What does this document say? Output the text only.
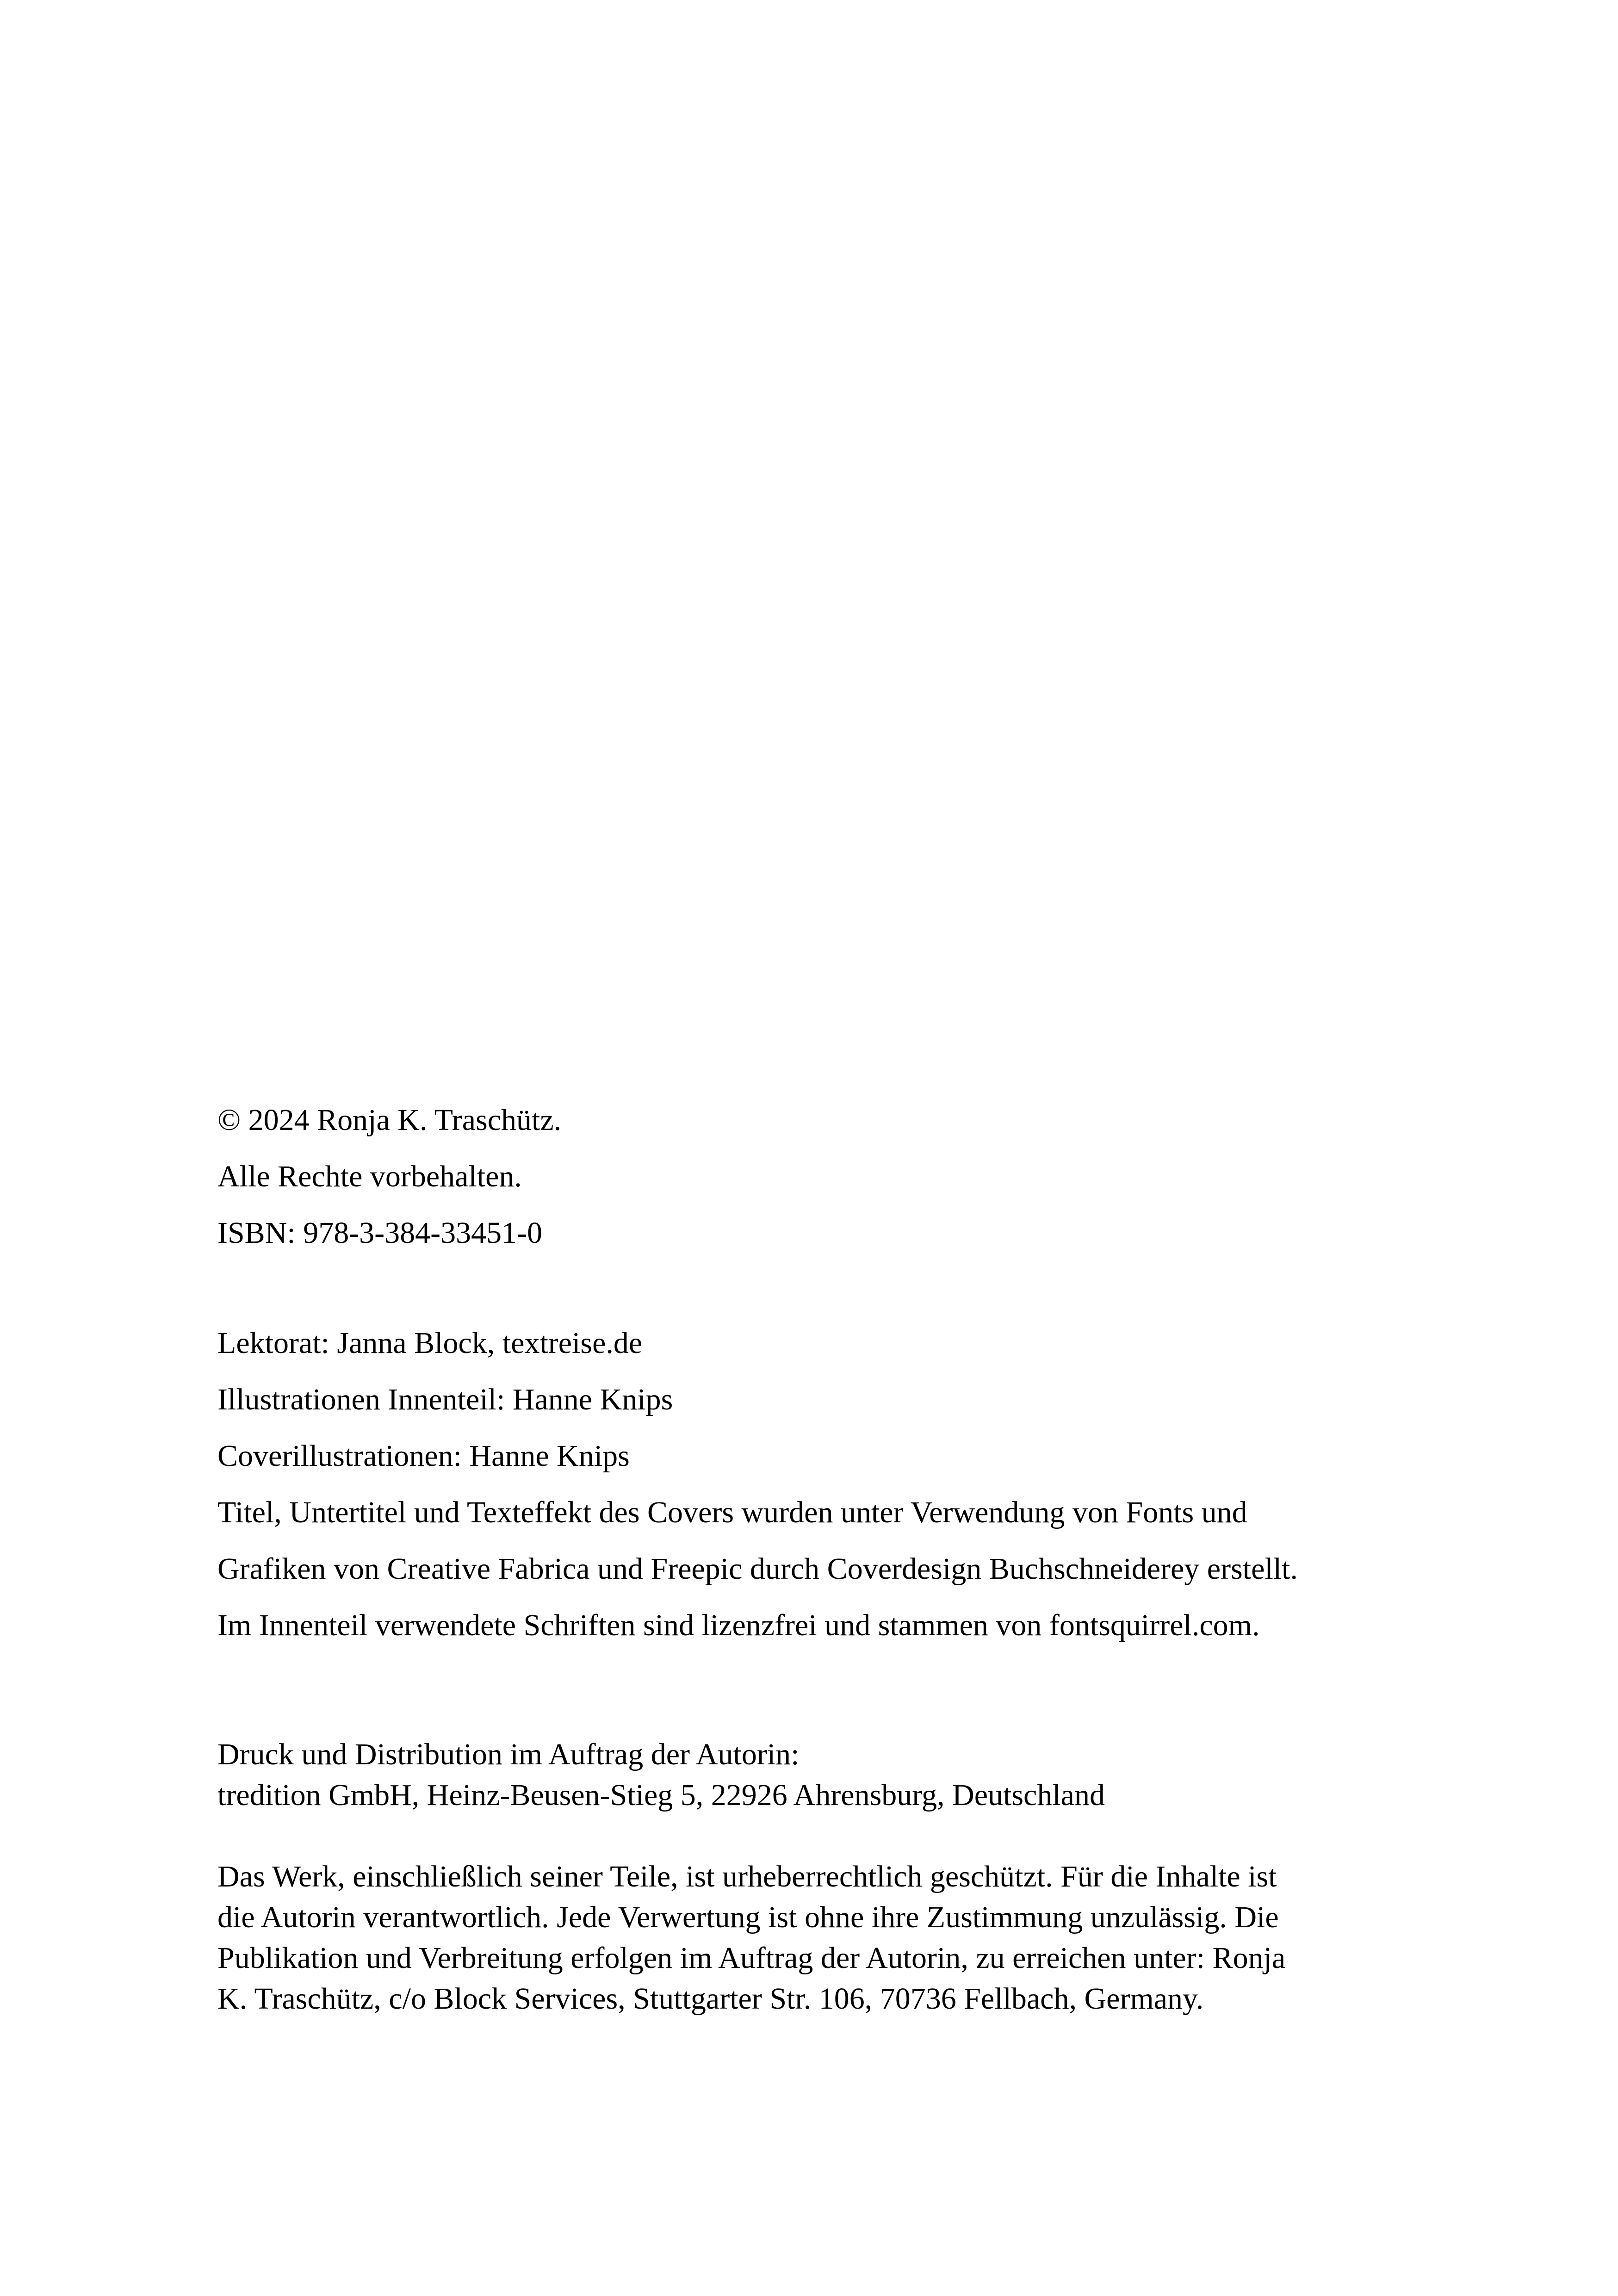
© 2024 Ronja K. Traschütz.

Alle Rechte vorbehalten.

ISBN: 978-3-384-33451-0

Lektorat: Janna Block, textreise.de

Illustrationen Innenteil: Hanne Knips

Coverillustrationen: Hanne Knips

Titel, Untertitel und Texteffekt des Covers wurden unter Verwendung von Fonts und

Grafiken von Creative Fabrica und Freepic durch Coverdesign Buchschneiderey erstellt.

Im Innenteil verwendete Schriften sind lizenzfrei und stammen von fontsquirrel.com.

Druck und Distribution im Auftrag der Autorin:

tredition GmbH, Heinz-Beusen-Stieg 5, 22926 Ahrensburg, Deutschland

Das Werk, einschließlich seiner Teile, ist urheberrechtlich geschützt. Für die Inhalte ist

die Autorin verantwortlich. Jede Verwertung ist ohne ihre Zustimmung unzulässig. Die

Publikation und Verbreitung erfolgen im Auftrag der Autorin, zu erreichen unter: Ronja

K. Traschütz, c/o Block Services, Stuttgarter Str. 106, 70736 Fellbach, Germany.
